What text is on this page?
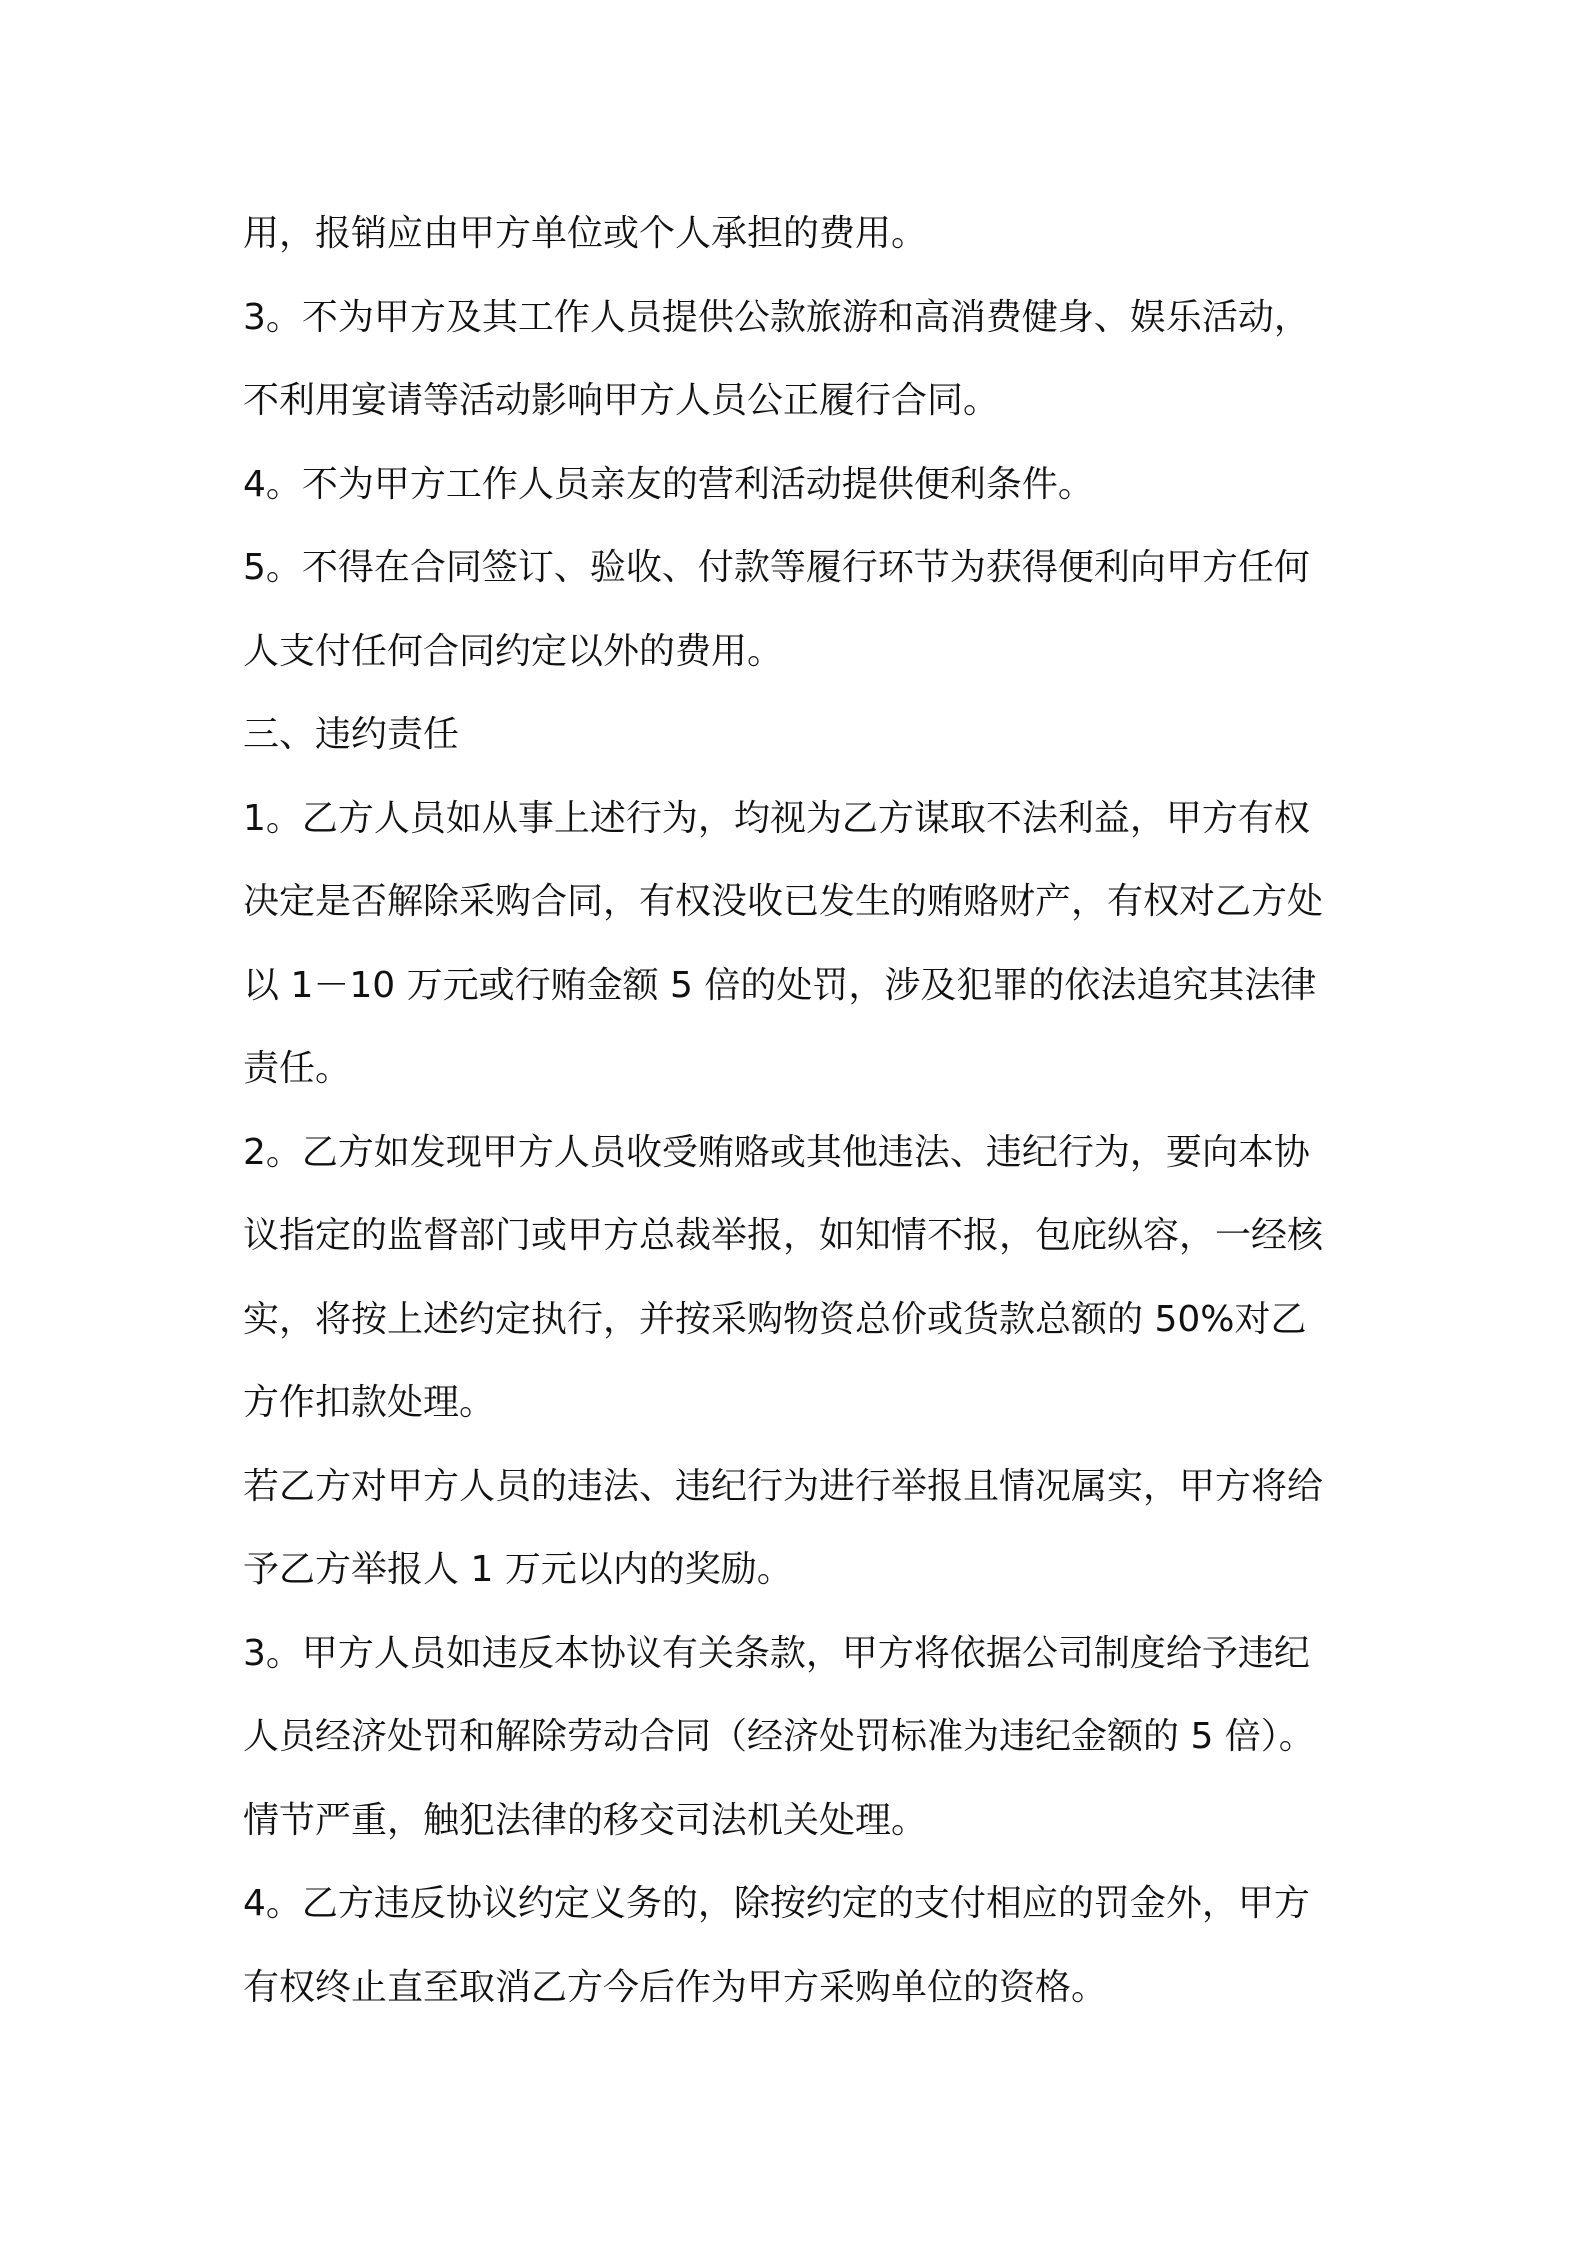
用，报销应由甲方单位或个人承担的费用。
3。不为甲方及其工作人员提供公款旅游和高消费健身、娱乐活动，
不利用宴请等活动影响甲方人员公正履行合同。
4。不为甲方工作人员亲友的营利活动提供便利条件。
5。不得在合同签订、验收、付款等履行环节为获得便利向甲方任何
人支付任何合同约定以外的费用。
三、违约责任
1。乙方人员如从事上述行为，均视为乙方谋取不法利益，甲方有权
决定是否解除采购合同，有权没收已发生的贿赂财产，有权对乙方处
以 1－10 万元或行贿金额 5 倍的处罚，涉及犯罪的依法追究其法律
责任。
2。乙方如发现甲方人员收受贿赂或其他违法、违纪行为，要向本协
议指定的监督部门或甲方总裁举报，如知情不报，包庇纵容，一经核
实，将按上述约定执行，并按采购物资总价或货款总额的 50%对乙
方作扣款处理。
若乙方对甲方人员的违法、违纪行为进行举报且情况属实，甲方将给
予乙方举报人 1 万元以内的奖励。
3。甲方人员如违反本协议有关条款，甲方将依据公司制度给予违纪
人员经济处罚和解除劳动合同（经济处罚标准为违纪金额的 5 倍）。
情节严重，触犯法律的移交司法机关处理。
4。乙方违反协议约定义务的，除按约定的支付相应的罚金外，甲方
有权终止直至取消乙方今后作为甲方采购单位的资格。
